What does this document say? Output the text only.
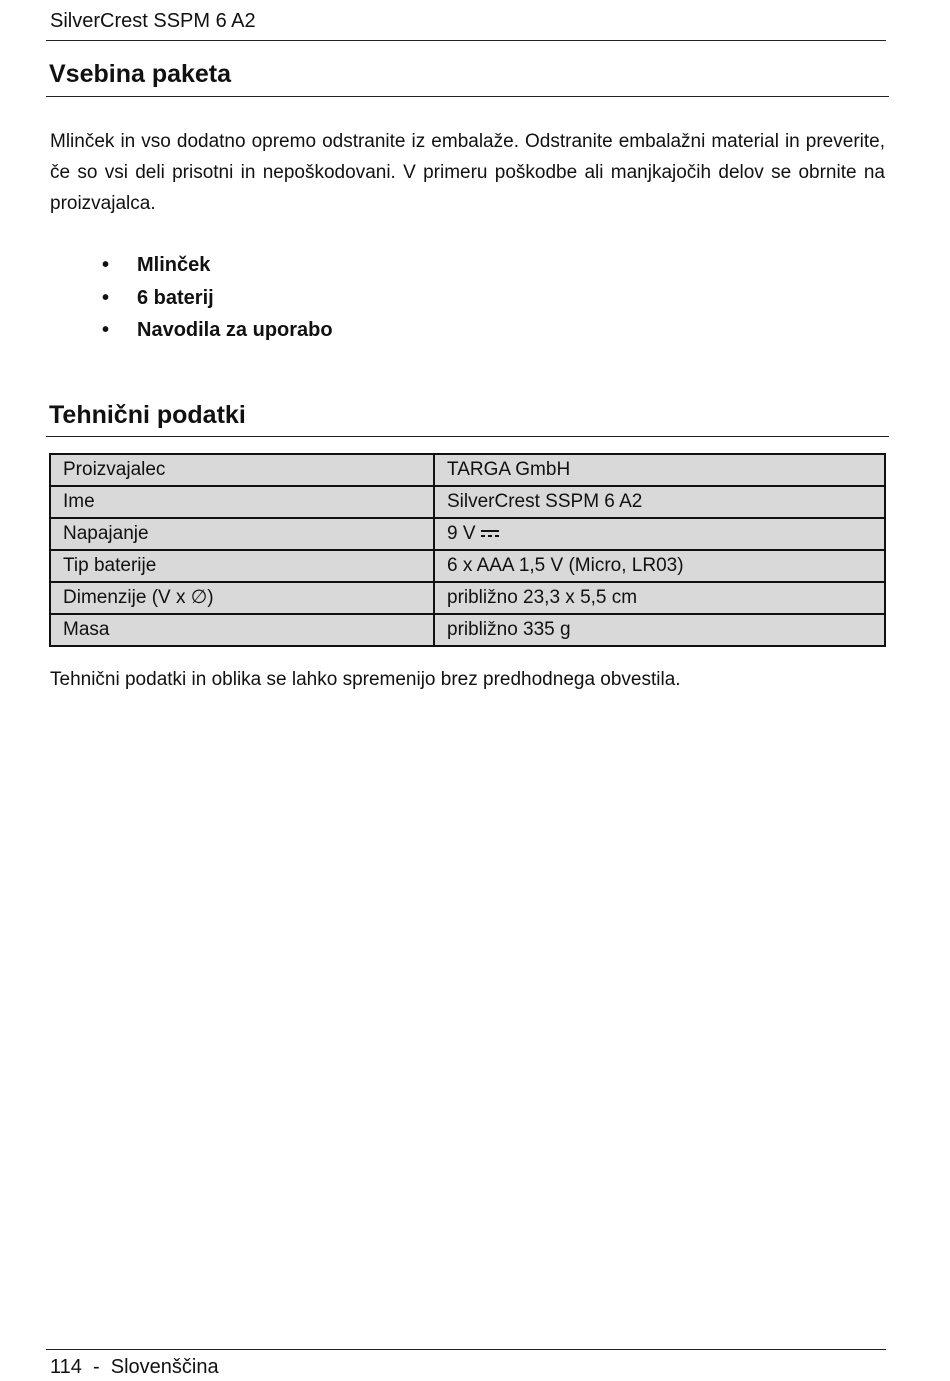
SilverCrest SSPM 6 A2
Vsebina paketa

Mlinček in vso dodatno opremo odstranite iz embalaže. Odstranite embalažni material in preverite, če so vsi deli prisotni in nepoškodovani. V primeru poškodbe ali manjkajočih delov se obrnite na proizvajalca.

• Mlinček
• 6 baterij
• Navodila za uporabo
Tehnični podatki
Proizvajalec	TARGA GmbH
Ime	SilverCrest SSPM 6 A2
Napajanje	9 V
Tip baterije	6 x AAA 1,5 V (Micro, LR03)
Dimenzije (V x ∅)	približno 23,3 x 5,5 cm
Masa	približno 335 g

Tehnični podatki in oblika se lahko spremenijo brez predhodnega obvestila.

114  -  Slovenščina
